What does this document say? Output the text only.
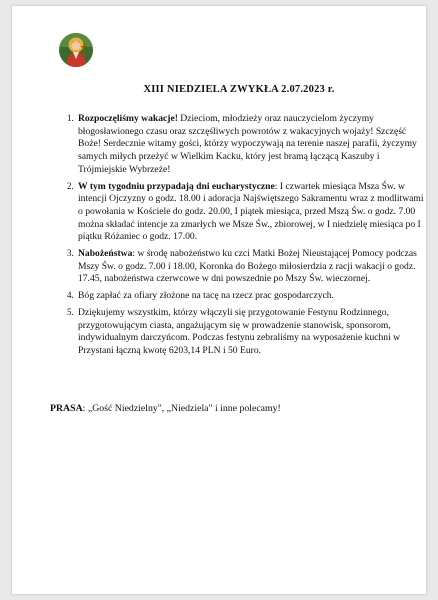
XIII NIEDZIELA ZWYKŁA 2.07.2023 r.
1. Rozpoczęliśmy wakacje! Dzieciom, młodzieży oraz nauczycielom życzymy błogosławionego czasu oraz szczęśliwych powrotów z wakacyjnych wojaży! Szczęść Boże! Serdecznie witamy gości, którzy wypoczywają na terenie naszej parafii, życzymy samych miłych przeżyć w Wielkim Kacku, który jest bramą łączącą Kaszuby i Trójmiejskie Wybrzeże!
2. W tym tygodniu przypadają dni eucharystyczne: I czwartek miesiąca Msza Św. w intencji Ojczyzny o godz. 18.00 i adoracja Najświętszego Sakramentu wraz z modlitwami o powołania w Kościele do godz. 20.00, I piątek miesiąca, przed Mszą Św. o godz. 7.00 można składać intencje za zmarłych we Msze Św., zbiorowej, w I niedzielę miesiąca po I piątku Różaniec o godz. 17.00.
3. Nabożeństwa: w środę nabożeństwo ku czci Matki Bożej Nieustającej Pomocy podczas Mszy Św. o godz. 7.00 i 18.00, Koronka do Bożego miłosierdzia z racji wakacji o godz. 17.45, nabożeństwa czerwcowe w dni powszednie po Mszy Św. wieczornej.
4. Bóg zapłać za ofiary złożone na tacę na rzecz prac gospodarczych.
5. Dziękujemy wszystkim, którzy włączyli się przygotowanie Festynu Rodzinnego, przygotowującym ciasta, angażującym się w prowadzenie stanowisk, sponsorom, indywidualnym darczyńcom. Podczas festynu zebraliśmy na wyposażenie kuchni w Przystani łączną kwotę 6203,14 PLN i 50 Euro.
PRASA: „Gość Niedzielny", „Niedziela" i inne polecamy!
